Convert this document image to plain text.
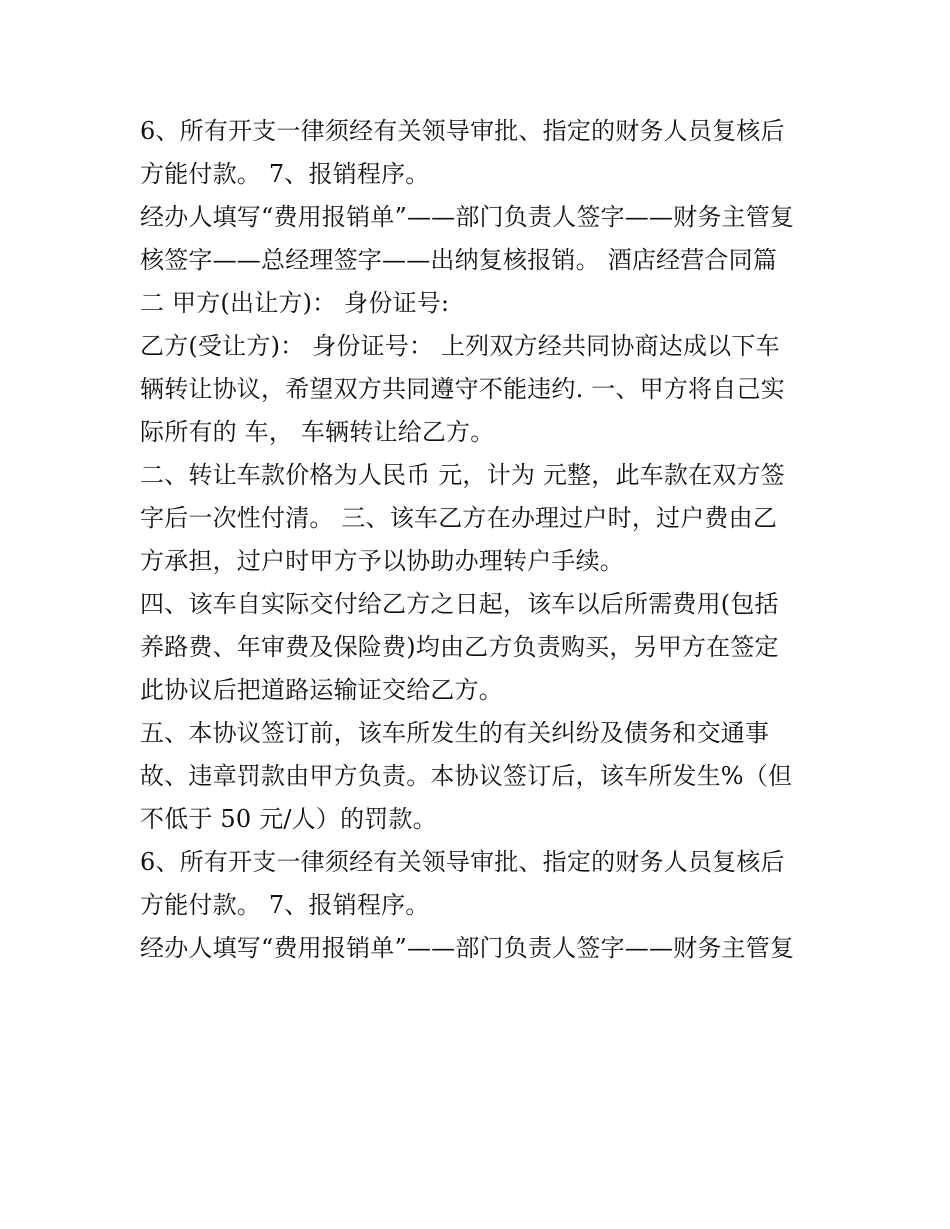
6、所有开支一律须经有关领导审批、指定的财务人员复核后
方能付款。 7、报销程序。

经办人填写“费用报销单”——部门负责人签字——财务主管复
核签字——总经理签字——出纳复核报销。 酒店经营合同篇
二 甲方(出让方)： 身份证号:

乙方(受让方)： 身份证号： 上列双方经共同协商达成以下车
辆转让协议，希望双方共同遵守不能违约. 一、甲方将自己实
际所有的 车， 车辆转让给乙方。

二、转让车款价格为人民币 元，计为 元整，此车款在双方签
字后一次性付清。 三、该车乙方在办理过户时，过户费由乙
方承担，过户时甲方予以协助办理转户手续。

四、该车自实际交付给乙方之日起，该车以后所需费用(包括
养路费、年审费及保险费)均由乙方负责购买，另甲方在签定
此协议后把道路运输证交给乙方。

五、本协议签订前，该车所发生的有关纠纷及债务和交通事
故、违章罚款由甲方负责。本协议签订后，该车所发生%（但
不低于 50 元/人）的罚款。

6、所有开支一律须经有关领导审批、指定的财务人员复核后
方能付款。 7、报销程序。

经办人填写“费用报销单”——部门负责人签字——财务主管复
